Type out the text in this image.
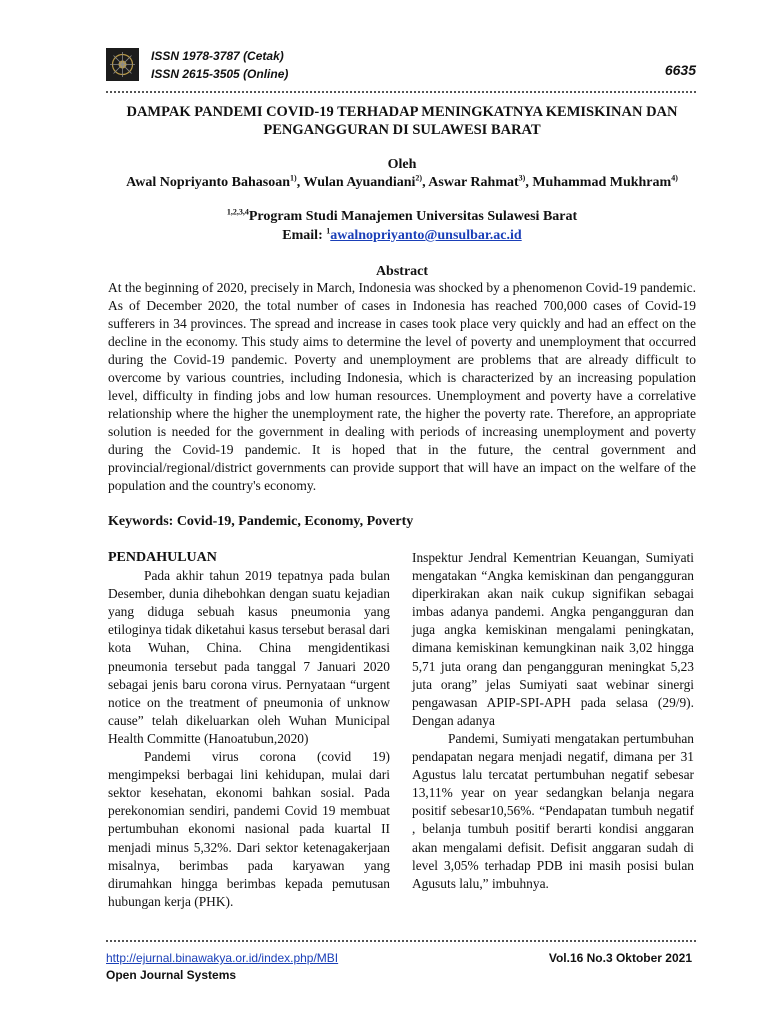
ISSN 1978-3787 (Cetak)
ISSN 2615-3505 (Online)	6635
DAMPAK PANDEMI COVID-19 TERHADAP MENINGKATNYA KEMISKINAN DAN
PENGANGGURAN DI SULAWESI BARAT
Oleh
Awal Nopriyanto Bahasoan$^{1)}$, Wulan Ayuandiani$^{2)}$, Aswar Rahmat$^{3)}$, Muhammad Mukhram$^{4)}$
$^{1,2,3,4}$Program Studi Manajemen Universitas Sulawesi Barat
Email: $^1$awalnopriyanto@unsulbar.ac.id
Abstract
At the beginning of 2020, precisely in March, Indonesia was shocked by a phenomenon Covid-19 pandemic. As of December 2020, the total number of cases in Indonesia has reached 700,000 cases of Covid-19 sufferers in 34 provinces. The spread and increase in cases took place very quickly and had an effect on the decline in the economy. This study aims to determine the level of poverty and unemployment that occurred during the Covid-19 pandemic. Poverty and unemployment are problems that are already difficult to overcome by various countries, including Indonesia, which is characterized by an increasing population level, difficulty in finding jobs and low human resources. Unemployment and poverty have a correlative relationship where the higher the unemployment rate, the higher the poverty rate. Therefore, an appropriate solution is needed for the government in dealing with periods of increasing unemployment and poverty during the Covid-19 pandemic. It is hoped that in the future, the central government and provincial/regional/district governments can provide support that will have an impact on the welfare of the population and the country's economy.
Keywords: Covid-19, Pandemic, Economy, Poverty

PENDAHULUAN

Pada akhir tahun 2019 tepatnya pada bulan Desember, dunia dihebohkan dengan suatu kejadian yang diduga sebuah kasus pneumonia yang etiloginya tidak diketahui kasus tersebut berasal dari kota Wuhan, China. China mengidentikasi pneumonia tersebut pada tanggal 7 Januari 2020 sebagai jenis baru corona virus. Pernyataan “urgent notice on the treatment of pneumonia of unknow cause” telah dikeluarkan oleh Wuhan Municipal Health Committe (Hanoatubun,2020)

Pandemi virus corona (covid 19) mengimpeksi berbagai lini kehidupan, mulai dari sektor kesehatan, ekonomi bahkan sosial. Pada perekonomian sendiri, pandemi Covid 19 membuat pertumbuhan ekonomi nasional pada kuartal II menjadi minus 5,32%. Dari sektor ketenagakerjaan misalnya, berimbas pada karyawan yang dirumahkan hingga berimbas kepada pemutusan hubungan kerja (PHK).

Inspektur Jendral Kementrian Keuangan, Sumiyati mengatakan “Angka kemiskinan dan pengangguran diperkirakan akan naik cukup signifikan sebagai imbas adanya pandemi. Angka pengangguran dan juga angka kemiskinan mengalami peningkatan, dimana kemiskinan kemungkinan naik 3,02 hingga 5,71 juta orang dan pengangguran meningkat 5,23 juta orang” jelas Sumiyati saat webinar sinergi pengawasan APIP-SPI-APH pada selasa (29/9). Dengan adanya

Pandemi, Sumiyati mengatakan pertumbuhan pendapatan negara menjadi negatif, dimana per 31 Agustus lalu tercatat pertumbuhan negatif sebesar 13,11% year on year sedangkan belanja negara positif sebesar10,56%. “Pendapatan tumbuh negatif , belanja tumbuh positif berarti kondisi anggaran akan mengalami defisit. Defisit anggaran sudah di level 3,05% terhadap PDB ini masih posisi bulan Agusuts lalu,” imbuhnya.

http://ejurnal.binawakya.or.id/index.php/MBI
Open Journal Systems
Vol.16 No.3 Oktober 2021
